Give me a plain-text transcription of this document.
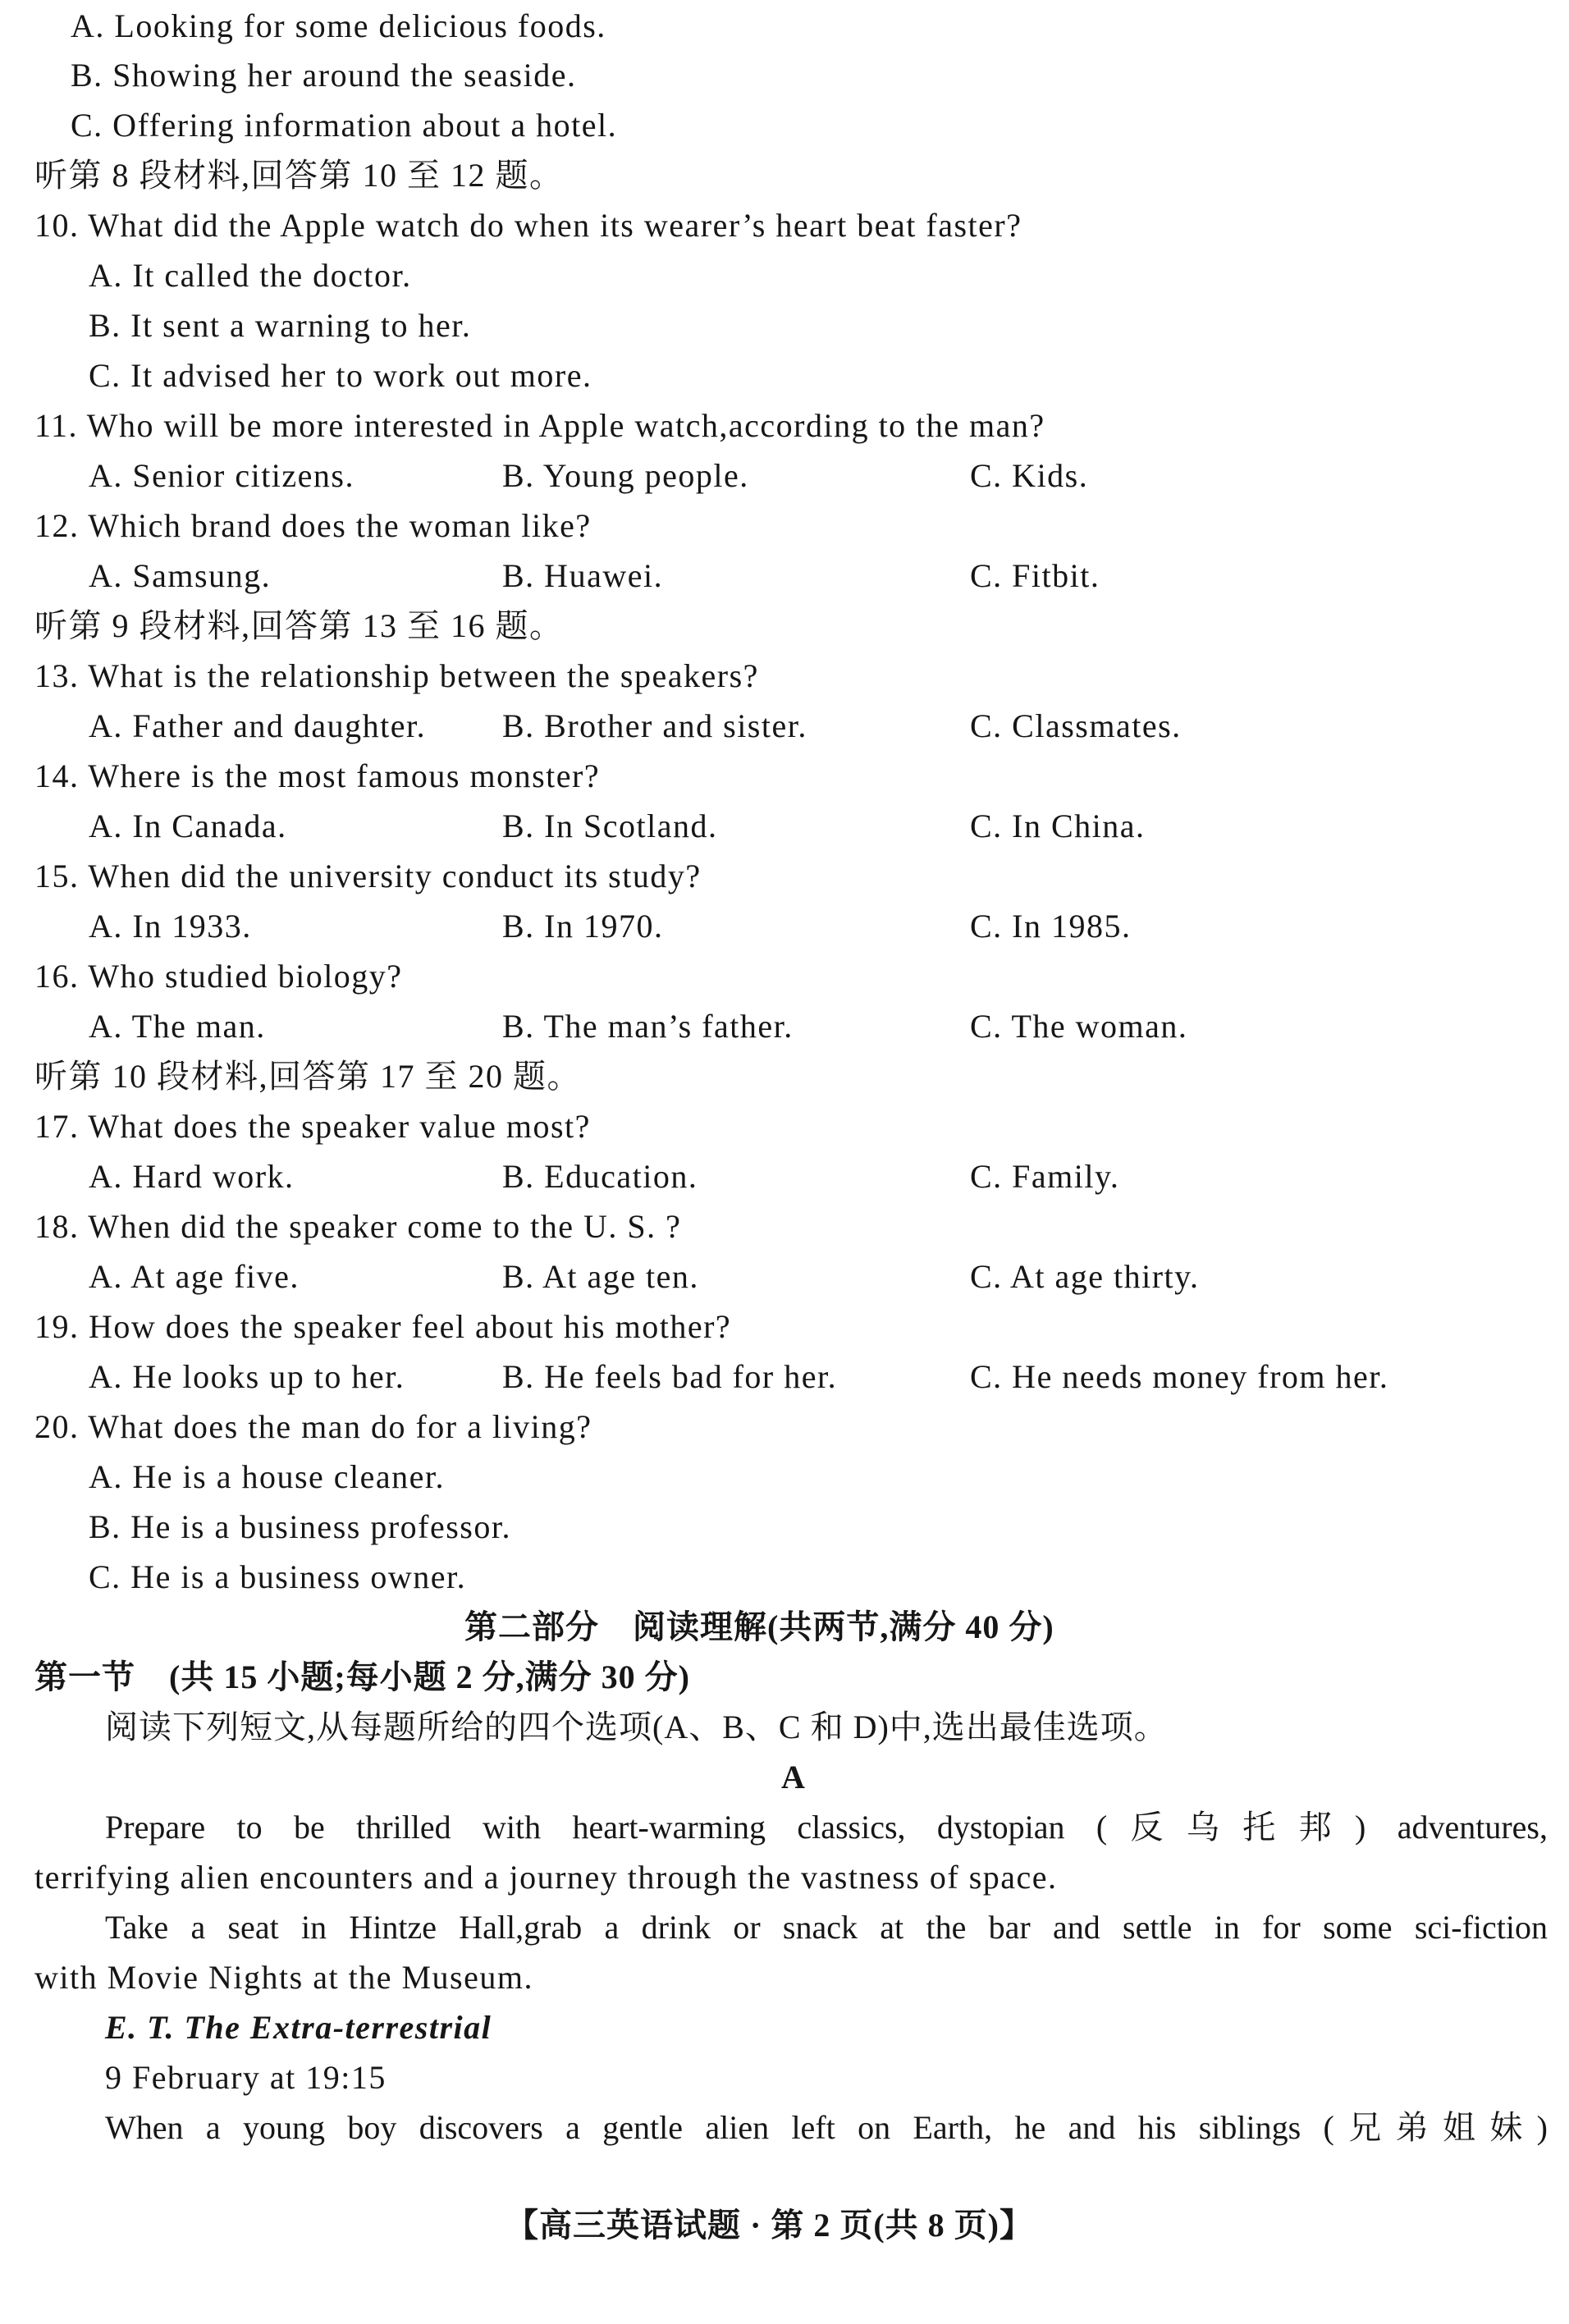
A. Looking for some delicious foods.
B. Showing her around the seaside.
C. Offering information about a hotel.
听第 8 段材料,回答第 10 至 12 题。
10. What did the Apple watch do when its wearer’s heart beat faster?
A. It called the doctor.
B. It sent a warning to her.
C. It advised her to work out more.
11. Who will be more interested in Apple watch,according to the man?
A. Senior citizens.	B. Young people.	C. Kids.
12. Which brand does the woman like?
A. Samsung.	B. Huawei.	C. Fitbit.
听第 9 段材料,回答第 13 至 16 题。
13. What is the relationship between the speakers?
A. Father and daughter. B. Brother and sister.	C. Classmates.
14. Where is the most famous monster?
A. In Canada.	B. In Scotland.	C. In China.
15. When did the university conduct its study?
A. In 1933.	B. In 1970.	C. In 1985.
16. Who studied biology?
A. The man.	B. The man’s father.	C. The woman.
听第 10 段材料,回答第 17 至 20 题。
17. What does the speaker value most?
A. Hard work.	B. Education.	C. Family.
18. When did the speaker come to the U. S. ?
A. At age five.	B. At age ten.	C. At age thirty.
19. How does the speaker feel about his mother?
A. He looks up to her.	B. He feels bad for her.	C. He needs money from her.
20. What does the man do for a living?
A. He is a house cleaner.
B. He is a business professor.
C. He is a business owner.
第二部分　阅读理解(共两节,满分 40 分)
第一节　(共 15 小题;每小题 2 分,满分 30 分)
阅读下列短文,从每题所给的四个选项(A、B、C 和 D)中,选出最佳选项。
A
Prepare to be thrilled with heart-warming classics, dystopian (反乌托邦) adventures,
terrifying alien encounters and a journey through the vastness of space.
Take a seat in Hintze Hall,grab a drink or snack at the bar and settle in for some sci-fiction
with Movie Nights at the Museum.
E. T. The Extra-terrestrial
9 February at 19:15
When a young boy discovers a gentle alien left on Earth, he and his siblings (兄弟姐妹)
【高三英语试题 · 第 2 页(共 8 页)】
